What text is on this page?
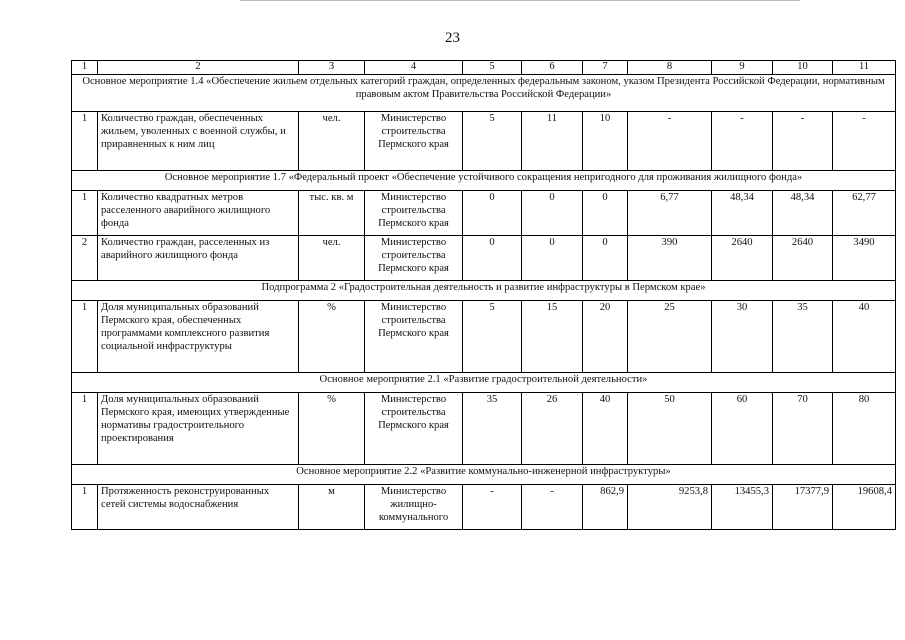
23
1	2	3	4	5	6	7	8	9	10	11
Основное мероприятие 1.4 «Обеспечение жильем отдельных категорий граждан, определенных федеральным законом, указом Президента Российской Федерации, нормативным правовым актом Правительства Российской Федерации»										
1	Количество граждан, обеспеченных жильем, уволенных с военной службы, и приравненных к ним лиц	чел.	Министерство строительства Пермского края	5	11	10	-	-	-	-
Основное мероприятие 1.7 «Федеральный проект «Обеспечение устойчивого сокращения непригодного для проживания жилищного фонда»										
1	Количество квадратных метров расселенного аварийного жилищного фонда	тыс. кв. м	Министерство строительства Пермского края	0	0	0	6,77	48,34	48,34	62,77
2	Количество граждан, расселенных из аварийного жилищного фонда	чел.	Министерство строительства Пермского края	0	0	0	390	2640	2640	3490
Подпрограмма 2 «Градостроительная деятельность и развитие инфраструктуры в Пермском крае»										
1	Доля муниципальных образований Пермского края, обеспеченных программами комплексного развития социальной инфраструктуры	%	Министерство строительства Пермского края	5	15	20	25	30	35	40
Основное мероприятие 2.1 «Развитие градостроительной деятельности»										
1	Доля муниципальных образований Пермского края, имеющих утвержденные нормативы градостроительного проектирования	%	Министерство строительства Пермского края	35	26	40	50	60	70	80
Основное мероприятие 2.2 «Развитие коммунально-инженерной инфраструктуры»										
1	Протяженность реконструированных сетей системы водоснабжения	м	Министерство жилищно-коммунального	-	-	862,9	9253,8	13455,3	17377,9	19608,4
